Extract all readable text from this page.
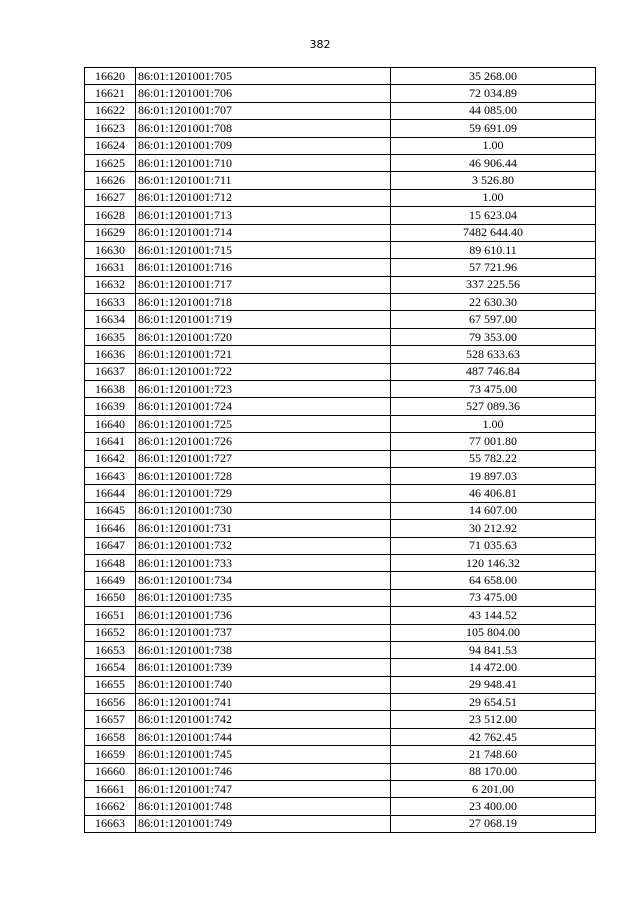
382
16620	86:01:1201001:705	35 268.00
16621	86:01:1201001:706	72 034.89
16622	86:01:1201001:707	44 085.00
16623	86:01:1201001:708	59 691.09
16624	86:01:1201001:709	1.00
16625	86:01:1201001:710	46 906.44
16626	86:01:1201001:711	3 526.80
16627	86:01:1201001:712	1.00
16628	86:01:1201001:713	15 623.04
16629	86:01:1201001:714	7482 644.40
16630	86:01:1201001:715	89 610.11
16631	86:01:1201001:716	57 721.96
16632	86:01:1201001:717	337 225.56
16633	86:01:1201001:718	22 630.30
16634	86:01:1201001:719	67 597.00
16635	86:01:1201001:720	79 353.00
16636	86:01:1201001:721	528 633.63
16637	86:01:1201001:722	487 746.84
16638	86:01:1201001:723	73 475.00
16639	86:01:1201001:724	527 089.36
16640	86:01:1201001:725	1.00
16641	86:01:1201001:726	77 001.80
16642	86:01:1201001:727	55 782.22
16643	86:01:1201001:728	19 897.03
16644	86:01:1201001:729	46 406.81
16645	86:01:1201001:730	14 607.00
16646	86:01:1201001:731	30 212.92
16647	86:01:1201001:732	71 035.63
16648	86:01:1201001:733	120 146.32
16649	86:01:1201001:734	64 658.00
16650	86:01:1201001:735	73 475.00
16651	86:01:1201001:736	43 144.52
16652	86:01:1201001:737	105 804.00
16653	86:01:1201001:738	94 841.53
16654	86:01:1201001:739	14 472.00
16655	86:01:1201001:740	29 948.41
16656	86:01:1201001:741	29 654.51
16657	86:01:1201001:742	23 512.00
16658	86:01:1201001:744	42 762.45
16659	86:01:1201001:745	21 748.60
16660	86:01:1201001:746	88 170.00
16661	86:01:1201001:747	6 201.00
16662	86:01:1201001:748	23 400.00
16663	86:01:1201001:749	27 068.19
